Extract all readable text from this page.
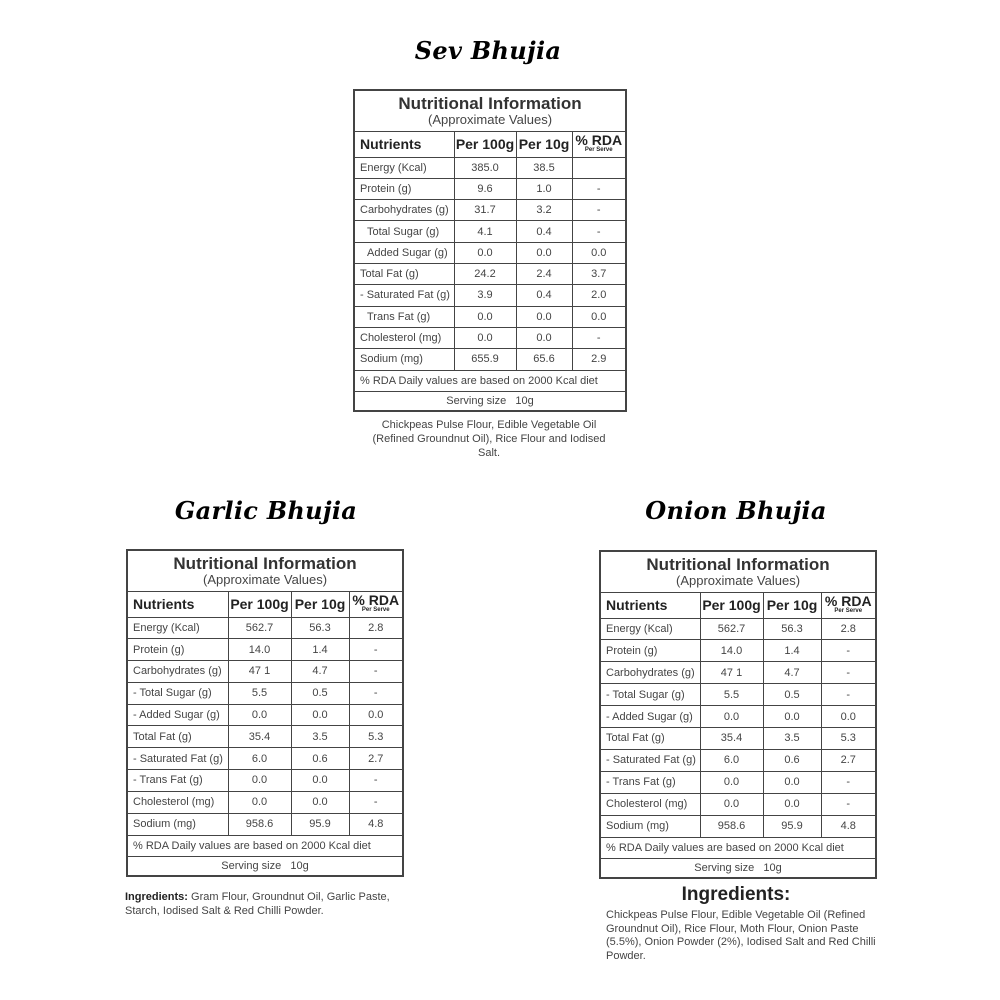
Sev Bhujia
Nutritional Information
(Approximate Values)			

Nutrients	Per 100g	Per 10g	% RDA
Per Serve

Energy (Kcal)	385.0	38.5	
Protein (g)	9.6	1.0	-
Carbohydrates (g)	31.7	3.2	-
Total Sugar (g)	4.1	0.4	-
Added Sugar (g)	0.0	0.0	0.0
Total Fat (g)	24.2	2.4	3.7
- Saturated Fat (g)	3.9	0.4	2.0
Trans Fat (g)	0.0	0.0	0.0
Cholesterol (mg)	0.0	0.0	-
Sodium (mg)	655.9	65.6	2.9
% RDA Daily values are based on 2000 Kcal diet			
Serving size   10g			
Chickpeas Pulse Flour, Edible Vegetable Oil (Refined Groundnut Oil), Rice Flour and Iodised Salt.
Garlic Bhujia
Nutritional Information
(Approximate Values)			

Nutrients	Per 100g	Per 10g	% RDA
Per Serve

Energy (Kcal)	562.7	56.3	2.8
Protein (g)	14.0	1.4	-
Carbohydrates (g)	47 1	4.7	-
- Total Sugar (g)	5.5	0.5	-
- Added Sugar (g)	0.0	0.0	0.0
Total Fat (g)	35.4	3.5	5.3
- Saturated Fat (g)	6.0	0.6	2.7
- Trans Fat (g)	0.0	0.0	-
Cholesterol (mg)	0.0	0.0	-
Sodium (mg)	958.6	95.9	4.8
% RDA Daily values are based on 2000 Kcal diet			
Serving size   10g			
Ingredients: Gram Flour, Groundnut Oil, Garlic Paste, Starch, Iodised Salt & Red Chilli Powder.
Onion Bhujia
Nutritional Information
(Approximate Values)			

Nutrients	Per 100g	Per 10g	% RDA
Per Serve

Energy (Kcal)	562.7	56.3	2.8
Protein (g)	14.0	1.4	-
Carbohydrates (g)	47 1	4.7	-
- Total Sugar (g)	5.5	0.5	-
- Added Sugar (g)	0.0	0.0	0.0
Total Fat (g)	35.4	3.5	5.3
- Saturated Fat (g)	6.0	0.6	2.7
- Trans Fat (g)	0.0	0.0	-
Cholesterol (mg)	0.0	0.0	-
Sodium (mg)	958.6	95.9	4.8
% RDA Daily values are based on 2000 Kcal diet			
Serving size   10g			
Ingredients:
Chickpeas Pulse Flour, Edible Vegetable Oil (Refined Groundnut Oil), Rice Flour, Moth Flour, Onion Paste (5.5%), Onion Powder (2%), Iodised Salt and Red Chilli Powder.
